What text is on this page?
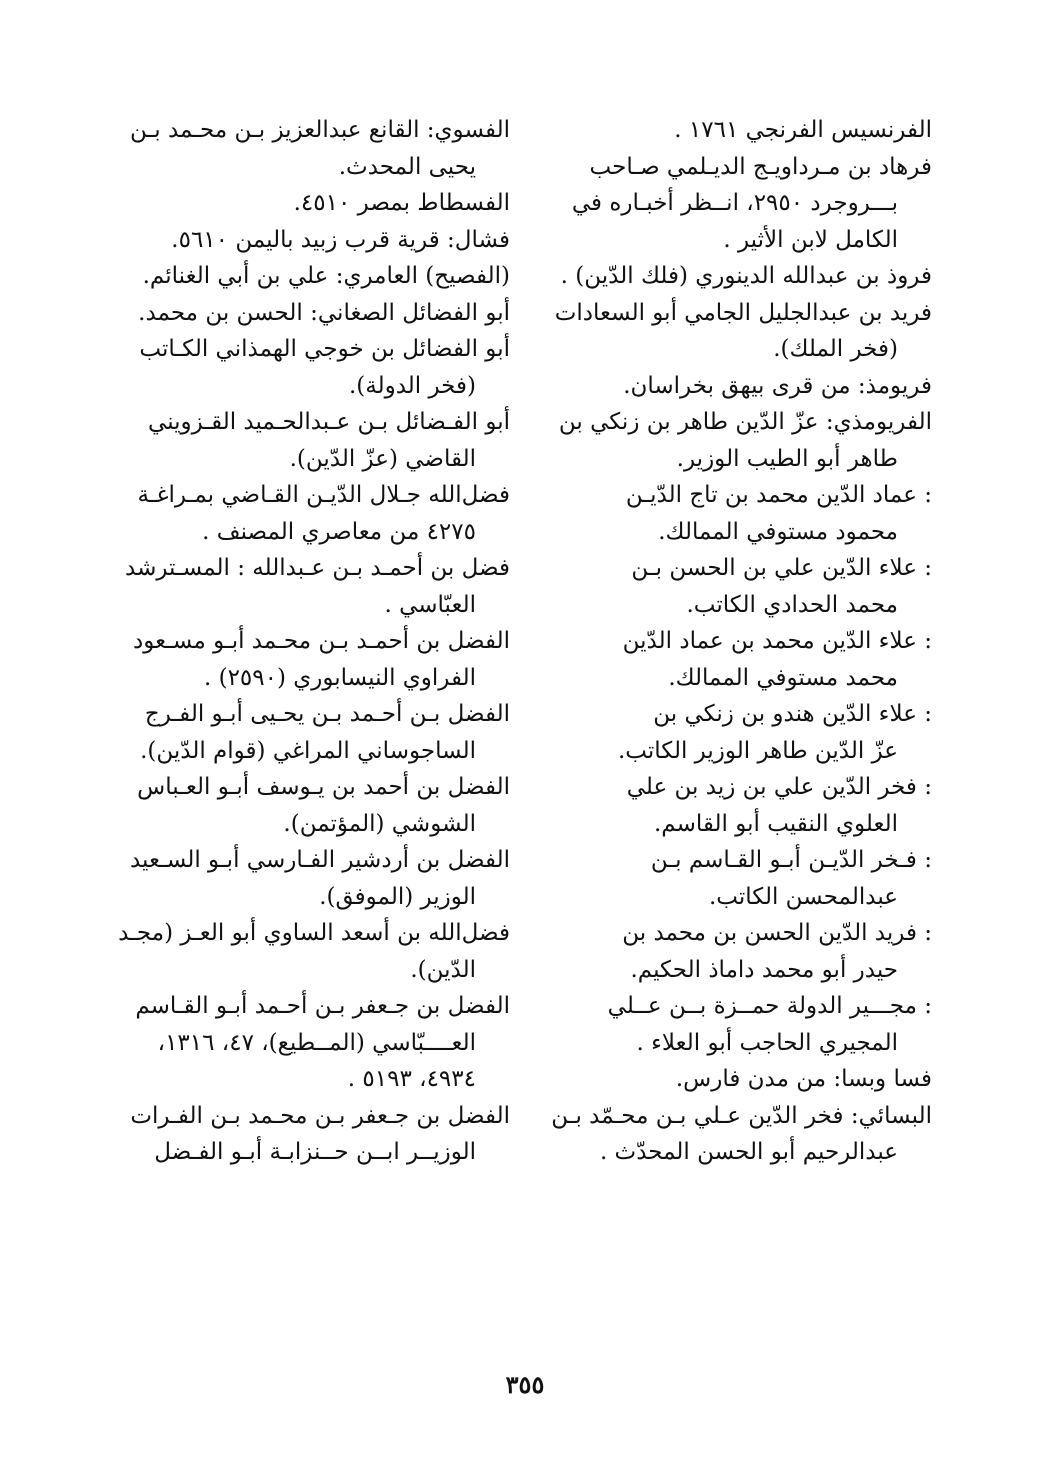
الفرنسيس الفرنجي ١٧٦١ .
فرهاد بن مـرداويـج الديـلمي صـاحب
بـــروجرد ٢٩٥٠، انــظر أخبـاره في
الكامل لابن الأثير .
فروذ بن عبدالله الدينوري (فلك الدّين) .
فريد بن عبدالجليل الجامي أبو السعادات
(فخر الملك).
فريومذ: من قرى بيهق بخراسان.
الفريومذي: عزّ الدّين طاهر بن زنكي بن
طاهر أبو الطيب الوزير.
: عماد الدّين محمد بن تاج الدّيـن
محمود مستوفي الممالك.
: علاء الدّين علي بن الحسن بـن
محمد الحدادي الكاتب.
: علاء الدّين محمد بن عماد الدّين
محمد مستوفي الممالك.
: علاء الدّين هندو بن زنكي بن
عزّ الدّين طاهر الوزير الكاتب.
: فخر الدّين علي بن زيد بن علي
العلوي النقيب أبو القاسم.
: فـخر الدّيـن أبـو القـاسم بـن
عبدالمحسن الكاتب.
: فريد الدّين الحسن بن محمد بن
حيدر أبو محمد داماذ الحكيم.
: مجـــير الدولة حمــزة بــن عــلي
المجيري الحاجب أبو العلاء .
فسا وبسا: من مدن فارس.
البسائي: فخر الدّين عـلي بـن محـمّد بـن
عبدالرحيم أبو الحسن المحدّث .
الفسوي: القانع عبدالعزيز بـن محـمد بـن
يحيى المحدث.
الفسطاط بمصر ٤٥١٠.
فشال: قرية قرب زبيد باليمن ٥٦١٠.
(الفصيح) العامري: علي بن أبي الغنائم.
أبو الفضائل الصغاني: الحسن بن محمد.
أبو الفضائل بن خوجي الهمذاني الكـاتب
(فخر الدولة).
أبو الفـضائل بـن عـبدالحـميد القـزويني
القاضي (عزّ الدّين).
فضل‌الله جـلال الدّيـن القـاضي بمـراغـة
٤٢٧٥ من معاصري المصنف .
فضل بن أحمـد بـن عـبدالله : المسـترشد
العبّاسي .
الفضل بن أحمـد بـن محـمد أبـو مسـعود
الفراوي النيسابوري (٢٥٩٠) .
الفضل بـن أحـمد بـن يحـيى أبـو الفـرج
الساجوساني المراغي (قوام الدّين).
الفضل بن أحمد بن يـوسف أبـو العـباس
الشوشي (المؤتمن).
الفضل بن أردشير الفـارسي أبـو السـعيد
الوزير (الموفق).
فضل‌الله بن أسعد الساوي أبو العـز (مجـد
الدّين).
الفضل بن جـعفر بـن أحـمد أبـو القـاسم
العــــبّاسي (المــطيع)، ٤٧، ١٣١٦،
٤٩٣٤، ٥١٩٣ .
الفضل بن جـعفر بـن محـمد بـن الفـرات
الوزيــر ابــن حــنزابـة أبـو الفـضل
٣٥٥
